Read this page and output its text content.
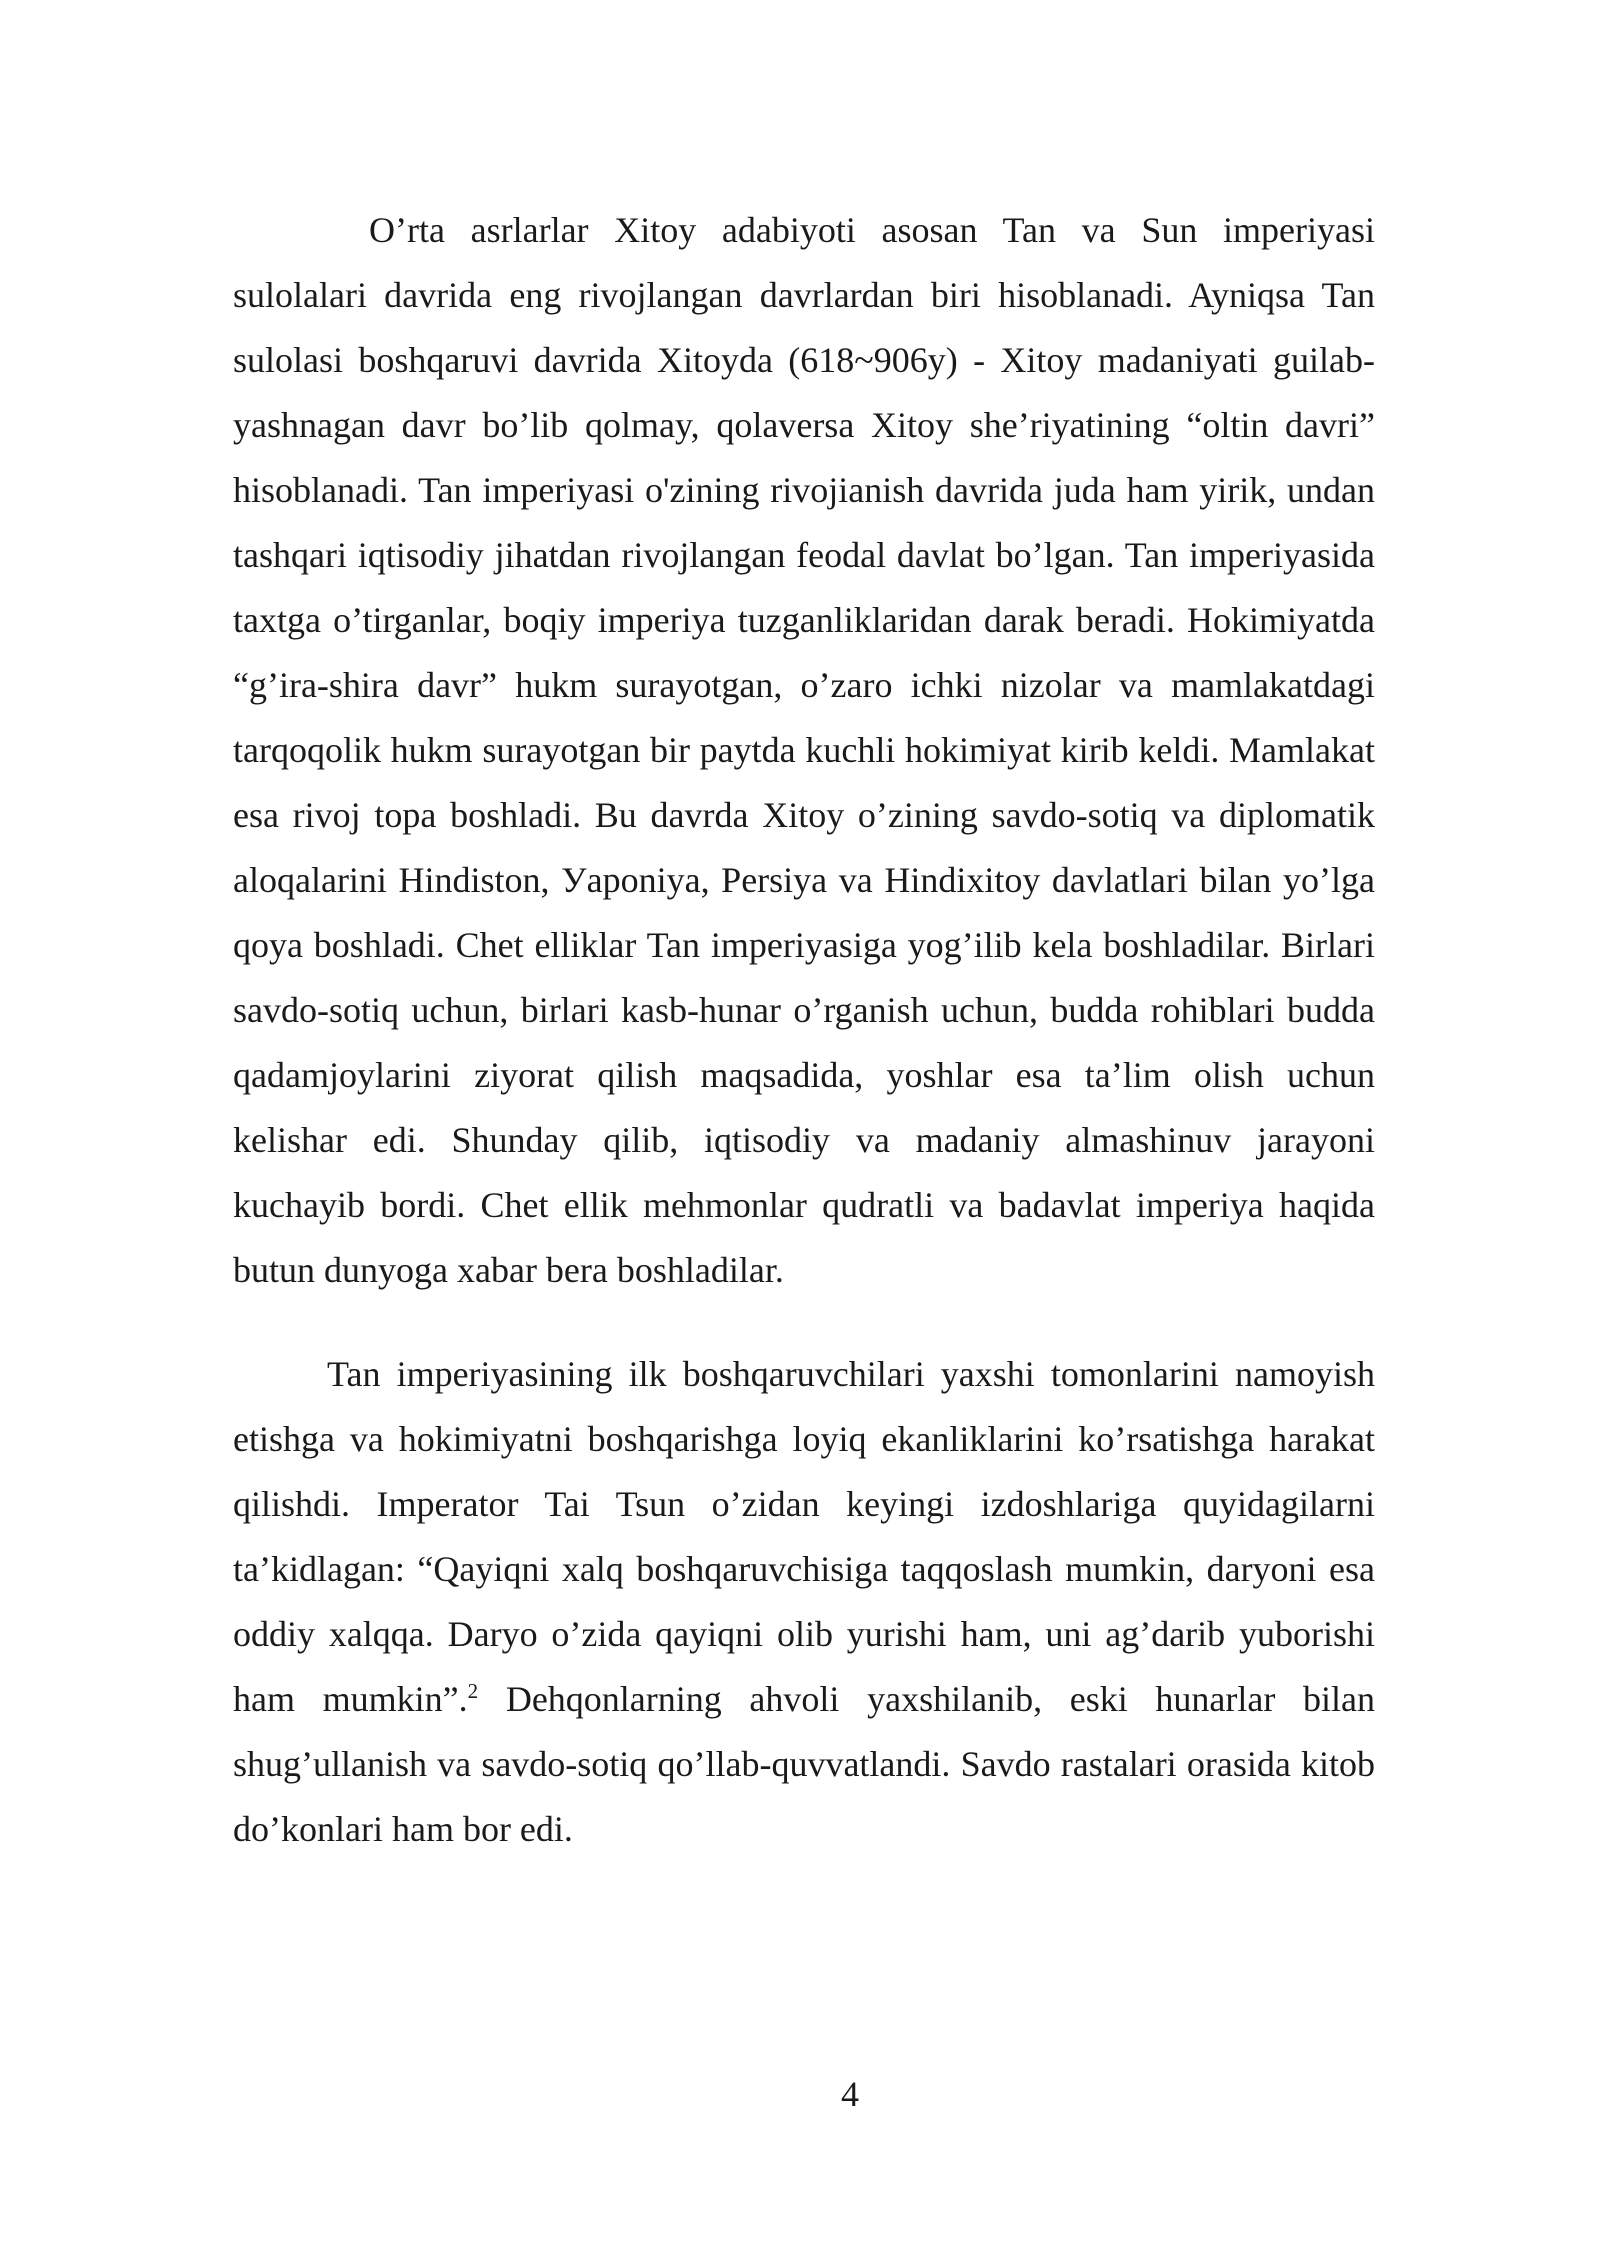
O’rta asrlarlar Xitoy adabiyoti asosan Tan va Sun imperiyasi sulolalari davrida eng rivojlangan davrlardan biri hisoblanadi. Ayniqsa Tan sulolasi boshqaruvi davrida Xitoyda (618~906y) - Xitoy madaniyati guilab-yashnagan davr bo’lib qolmay, qolaversa Xitoy she’riyatining “oltin davri” hisoblanadi. Tan imperiyasi o'zining rivojianish davrida juda ham yirik, undan tashqari iqtisodiy jihatdan rivojlangan feodal davlat bo’lgan. Tan imperiyasida taxtga o’tirganlar, boqiy imperiya tuzganliklaridan darak beradi. Hokimiyatda “g’ira-shira davr” hukm surayotgan, o’zaro ichki nizolar va mamlakatdagi tarqoqolik hukm surayotgan bir paytda kuchli hokimiyat kirib keldi. Mamlakat esa rivoj topa boshladi. Bu davrda Xitoy o’zining savdo-sotiq va diplomatik aloqalarini Hindiston, Уaponiya, Persiya va Hindixitoy davlatlari bilan yo’lga qoya boshladi. Chet elliklar Tan imperiyasiga yog’ilib kela boshladilar. Birlari savdo-sotiq uchun, birlari kasb-hunar o’rganish uchun, budda rohiblari budda qadamjoylarini ziyorat qilish maqsadida, yoshlar esa ta’lim olish uchun kelishar edi. Shunday qilib, iqtisodiy va madaniy almashinuv jarayoni kuchayib bordi. Chet ellik mehmonlar qudratli va badavlat imperiya haqida butun dunyoga xabar bera boshladilar.

Tan imperiyasining ilk boshqaruvchilari yaxshi tomonlarini namoyish etishga va hokimiyatni boshqarishga loyiq ekanliklarini ko’rsatishga harakat qilishdi. Imperator Tai Tsun o’zidan keyingi izdoshlariga quyidagilarni ta’kidlagan: “Qayiqni xalq boshqaruvchisiga taqqoslash mumkin, daryoni esa oddiy xalqqa. Daryo o’zida qayiqni olib yurishi ham, uni ag’darib yuborishi ham mumkin”.$^2$ Dehqonlarning ahvoli yaxshilanib, eski hunarlar bilan shug’ullanish va savdo-sotiq qo’llab-quvvatlandi. Savdo rastalari orasida kitob do’konlari ham bor edi.

4
